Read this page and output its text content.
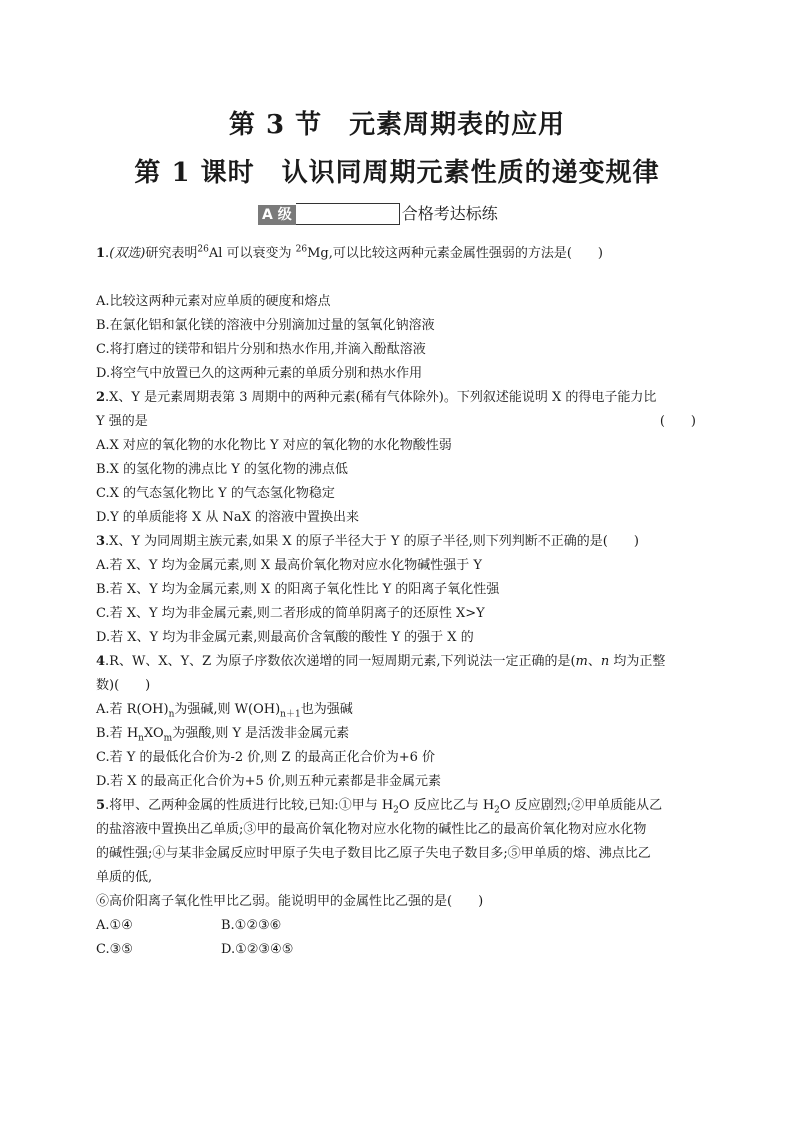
第 3 节　元素周期表的应用
第 1 课时　认识同周期元素性质的递变规律
A 级	合格考达标练
1.(双选)研究表明$^{26}$Al 可以衰变为 $^{26}$Mg,可以比较这两种元素金属性强弱的方法是(　　)
A.比较这两种元素对应单质的硬度和熔点
B.在氯化铝和氯化镁的溶液中分别滴加过量的氢氧化钠溶液
C.将打磨过的镁带和铝片分别和热水作用,并滴入酚酞溶液
D.将空气中放置已久的这两种元素的单质分别和热水作用
2.X、Y 是元素周期表第 3 周期中的两种元素(稀有气体除外)。下列叙述能说明 X 的得电子能力比
Y 强的是	(　　)
A.X 对应的氧化物的水化物比 Y 对应的氧化物的水化物酸性弱
B.X 的氢化物的沸点比 Y 的氢化物的沸点低
C.X 的气态氢化物比 Y 的气态氢化物稳定
D.Y 的单质能将 X 从 NaX 的溶液中置换出来
3.X、Y 为同周期主族元素,如果 X 的原子半径大于 Y 的原子半径,则下列判断不正确的是(　　)
A.若 X、Y 均为金属元素,则 X 最高价氧化物对应水化物碱性强于 Y
B.若 X、Y 均为金属元素,则 X 的阳离子氧化性比 Y 的阳离子氧化性强
C.若 X、Y 均为非金属元素,则二者形成的简单阴离子的还原性 X>Y
D.若 X、Y 均为非金属元素,则最高价含氧酸的酸性 Y 的强于 X 的
4.R、W、X、Y、Z 为原子序数依次递增的同一短周期元素,下列说法一定正确的是(m、n 均为正整
数)(　　)
A.若 $R(OH)_n$为强碱,则 $W(OH)_{n+1}$也为强碱
B.若 $H_nXO_m$为强酸,则 Y 是活泼非金属元素
C.若 Y 的最低化合价为-2 价,则 Z 的最高正化合价为+6 价
D.若 X 的最高正化合价为+5 价,则五种元素都是非金属元素
5.将甲、乙两种金属的性质进行比较,已知:①甲与 $H_2O$ 反应比乙与 $H_2O$ 反应剧烈;②甲单质能从乙
的盐溶液中置换出乙单质;③甲的最高价氧化物对应水化物的碱性比乙的最高价氧化物对应水化物
的碱性强;④与某非金属反应时甲原子失电子数目比乙原子失电子数目多;⑤甲单质的熔、沸点比乙
单质的低,
⑥高价阳离子氧化性甲比乙弱。能说明甲的金属性比乙强的是(　　)
A.①④	B.①②③⑥
C.③⑤	D.①②③④⑤
